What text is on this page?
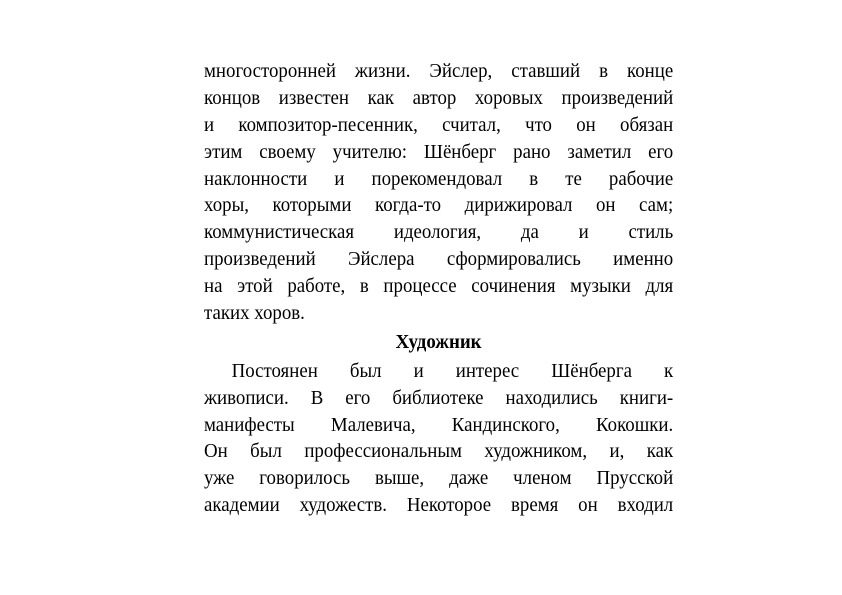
многосторонней жизни. Эйслер, ставший в конце
концов известен как автор хоровых произведений
и композитор-песенник, считал, что он обязан
этим своему учителю: Шёнберг рано заметил его
наклонности и порекомендовал в те рабочие
хоры, которыми когда-то дирижировал он сам;
коммунистическая идеология, да и стиль
произведений Эйслера сформировались именно
на этой работе, в процессе сочинения музыки для
таких хоров.
Художник
Постоянен был и интерес Шёнберга к
живописи. В его библиотеке находились книги-
манифесты Малевича, Кандинского, Кокошки.
Он был профессиональным художником, и, как
уже говорилось выше, даже членом Прусской
академии художеств. Некоторое время он входил
